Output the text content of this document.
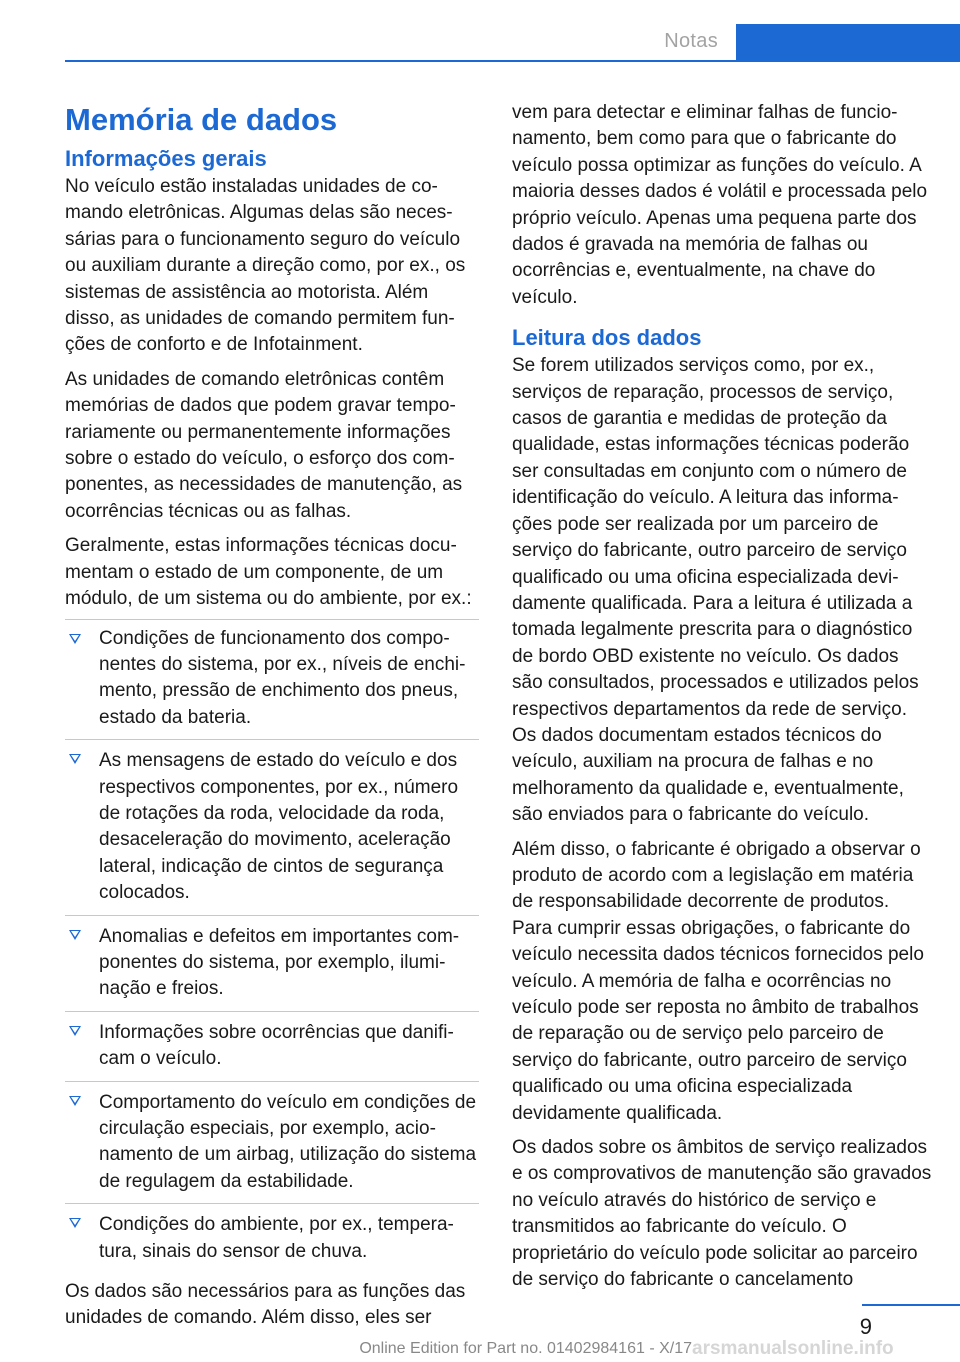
Notas
Memória de dados
Informações gerais

No veículo estão instaladas unidades de comando eletrônicas. Algumas delas são necessárias para o funcionamento seguro do veículo ou auxiliam durante a direção como, por ex., os sistemas de assistência ao motorista. Além disso, as unidades de comando permitem funções de conforto e de Infotainment.

As unidades de comando eletrônicas contêm memórias de dados que podem gravar temporariamente ou permanentemente informações sobre o estado do veículo, o esforço dos componentes, as necessidades de manutenção, as ocorrências técnicas ou as falhas.

Geralmente, estas informações técnicas documentam o estado de um componente, de um módulo, de um sistema ou do ambiente, por ex.:

Condições de funcionamento dos componentes do sistema, por ex., níveis de enchimento, pressão de enchimento dos pneus, estado da bateria.
As mensagens de estado do veículo e dos respectivos componentes, por ex., número de rotações da roda, velocidade da roda, desaceleração do movimento, aceleração lateral, indicação de cintos de segurança colocados.
Anomalias e defeitos em importantes componentes do sistema, por exemplo, iluminação e freios.
Informações sobre ocorrências que danificam o veículo.
Comportamento do veículo em condições de circulação especiais, por exemplo, acionamento de um airbag, utilização do sistema de regulagem da estabilidade.
Condições do ambiente, por ex., temperatura, sinais do sensor de chuva.

Os dados são necessários para as funções das unidades de comando. Além disso, eles ser

vem para detectar e eliminar falhas de funcionamento, bem como para que o fabricante do veículo possa optimizar as funções do veículo. A maioria desses dados é volátil e processada pelo próprio veículo. Apenas uma pequena parte dos dados é gravada na memória de falhas ou ocorrências e, eventualmente, na chave do veículo.

Leitura dos dados

Se forem utilizados serviços como, por ex., serviços de reparação, processos de serviço, casos de garantia e medidas de proteção da qualidade, estas informações técnicas poderão ser consultadas em conjunto com o número de identificação do veículo. A leitura das informações pode ser realizada por um parceiro de serviço do fabricante, outro parceiro de serviço qualificado ou uma oficina especializada devidamente qualificada. Para a leitura é utilizada a tomada legalmente prescrita para o diagnóstico de bordo OBD existente no veículo. Os dados são consultados, processados e utilizados pelos respectivos departamentos da rede de serviço. Os dados documentam estados técnicos do veículo, auxiliam na procura de falhas e no melhoramento da qualidade e, eventualmente, são enviados para o fabricante do veículo.

Além disso, o fabricante é obrigado a observar o produto de acordo com a legislação em matéria de responsabilidade decorrente de produtos. Para cumprir essas obrigações, o fabricante do veículo necessita dados técnicos fornecidos pelo veículo. A memória de falha e ocorrências no veículo pode ser reposta no âmbito de trabalhos de reparação ou de serviço pelo parceiro de serviço do fabricante, outro parceiro de serviço qualificado ou uma oficina especializada devidamente qualificada.

Os dados sobre os âmbitos de serviço realizados e os comprovativos de manutenção são gravados no veículo através do histórico de serviço e transmitidos ao fabricante do veículo. O proprietário do veículo pode solicitar ao parceiro de serviço do fabricante o cancelamento

9
Online Edition for Part no. 01402984161 - X/17 arsmanualsonline.info
